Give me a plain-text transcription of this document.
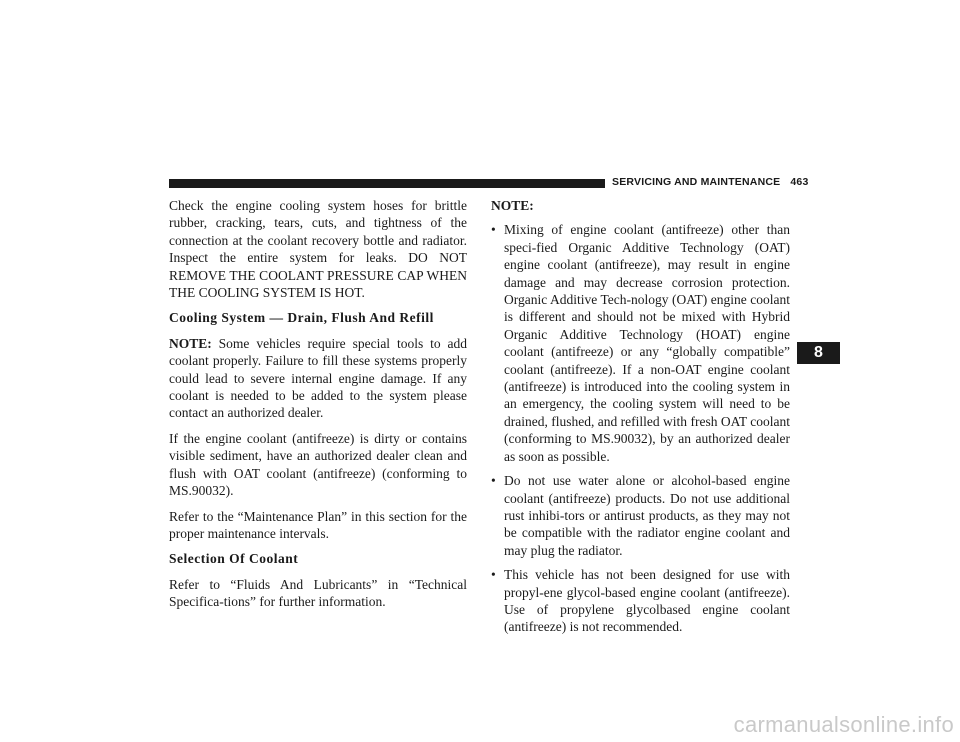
SERVICING AND MAINTENANCE 463
8

Check the engine cooling system hoses for brittle rubber, cracking, tears, cuts, and tightness of the connection at the coolant recovery bottle and radiator. Inspect the entire system for leaks. DO NOT REMOVE THE COOLANT PRESSURE CAP WHEN THE COOLING SYSTEM IS HOT.

Cooling System — Drain, Flush And Refill

NOTE: Some vehicles require special tools to add coolant properly. Failure to fill these systems properly could lead to severe internal engine damage. If any coolant is needed to be added to the system please contact an authorized dealer.

If the engine coolant (antifreeze) is dirty or contains visible sediment, have an authorized dealer clean and flush with OAT coolant (antifreeze) (conforming to MS.90032).

Refer to the “Maintenance Plan” in this section for the proper maintenance intervals.

Selection Of Coolant

Refer to “Fluids And Lubricants” in “Technical Specifica-tions” for further information.

NOTE:
• Mixing of engine coolant (antifreeze) other than speci-fied Organic Additive Technology (OAT) engine coolant (antifreeze), may result in engine damage and may decrease corrosion protection. Organic Additive Tech-nology (OAT) engine coolant is different and should not be mixed with Hybrid Organic Additive Technology (HOAT) engine coolant (antifreeze) or any “globally compatible” coolant (antifreeze). If a non-OAT engine coolant (antifreeze) is introduced into the cooling system in an emergency, the cooling system will need to be drained, flushed, and refilled with fresh OAT coolant (conforming to MS.90032), by an authorized dealer as soon as possible.
• Do not use water alone or alcohol-based engine coolant (antifreeze) products. Do not use additional rust inhibi-tors or antirust products, as they may not be compatible with the radiator engine coolant and may plug the radiator.
• This vehicle has not been designed for use with propyl-ene glycol-based engine coolant (antifreeze). Use of propylene glycolbased engine coolant (antifreeze) is not recommended.
carmanualsonline.info
